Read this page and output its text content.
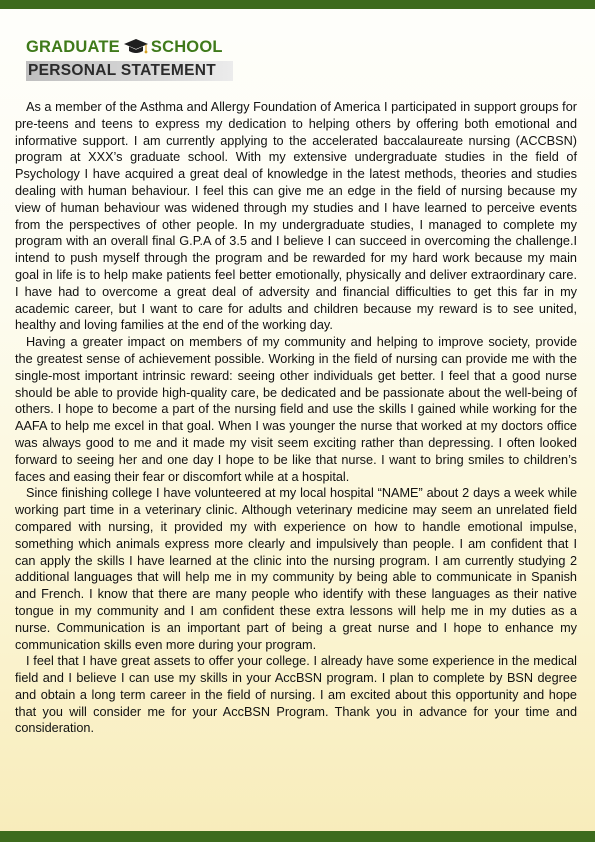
GRADUATE SCHOOL
PERSONAL STATEMENT

As a member of the Asthma and Allergy Foundation of America I participated in support groups for pre-teens and teens to express my dedication to helping others by offering both emotional and informative support. I am currently applying to the accelerated baccalaureate nursing (ACCBSN) program at XXX’s graduate school. With my extensive undergraduate studies in the field of Psychology I have acquired a great deal of knowledge in the latest methods, theories and studies dealing with human behaviour. I feel this can give me an edge in the field of nursing because my view of human behaviour was widened through my studies and I have learned to perceive events from the perspectives of other people. In my undergraduate studies, I managed to complete my program with an overall final G.P.A of 3.5 and I believe I can succeed in overcoming the challenge.I intend to push myself through the program and be rewarded for my hard work because my main goal in life is to help make patients feel better emotionally, physically and deliver extraordinary care. I have had to overcome a great deal of adversity and financial difficulties to get this far in my academic career, but I want to care for adults and children because my reward is to see united, healthy and loving families at the end of the working day.

Having a greater impact on members of my community and helping to improve society, provide the greatest sense of achievement possible. Working in the field of nursing can provide me with the single-most important intrinsic reward: seeing other individuals get better. I feel that a good nurse should be able to provide high-quality care, be dedicated and be passionate about the well-being of others. I hope to become a part of the nursing field and use the skills I gained while working for the AAFA to help me excel in that goal. When I was younger the nurse that worked at my doctors office was always good to me and it made my visit seem exciting rather than depressing. I often looked forward to seeing her and one day I hope to be like that nurse. I want to bring smiles to children’s faces and easing their fear or discomfort while at a hospital.

Since finishing college I have volunteered at my local hospital “NAME” about 2 days a week while working part time in a veterinary clinic. Although veterinary medicine may seem an unrelated field compared with nursing, it provided my with experience on how to handle emotional impulse, something which animals express more clearly and impulsively than people. I am confident that I can apply the skills I have learned at the clinic into the nursing program. I am currently studying 2 additional languages that will help me in my community by being able to communicate in Spanish and French. I know that there are many people who identify with these languages as their native tongue in my community and I am confident these extra lessons will help me in my duties as a nurse. Communication is an important part of being a great nurse and I hope to enhance my communication skills even more during your program.

I feel that I have great assets to offer your college. I already have some experience in the medical field and I believe I can use my skills in your AccBSN program. I plan to complete by BSN degree and obtain a long term career in the field of nursing. I am excited about this opportunity and hope that you will consider me for your AccBSN Program. Thank you in advance for your time and consideration.
